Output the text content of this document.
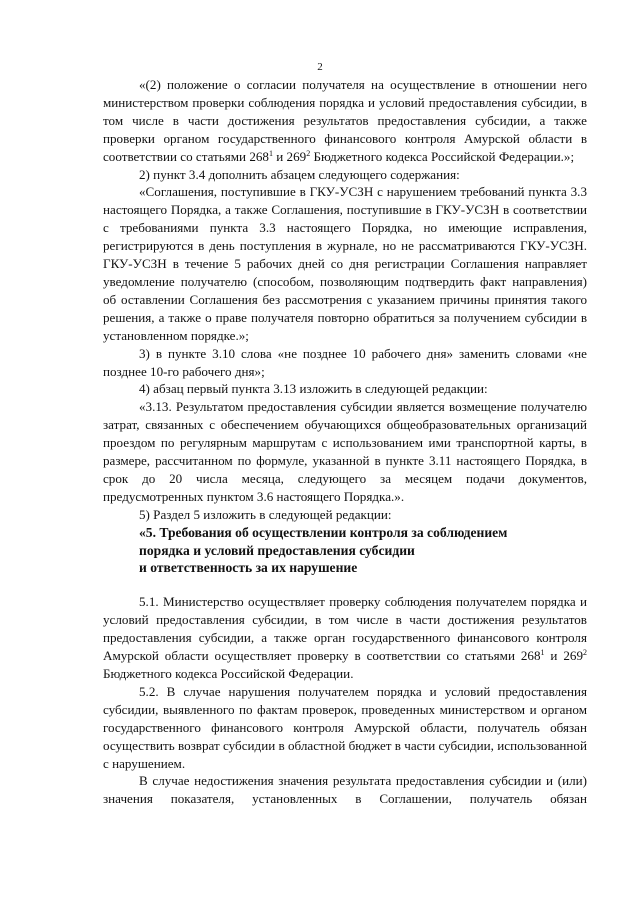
2

«(2) положение о согласии получателя на осуществление в отношении него министерством проверки соблюдения порядка и условий предоставления субсидии, в том числе в части достижения результатов предоставления субсидии, а также проверки органом государственного финансового контроля Амурской области в соответствии со статьями $268^1$ и $269^2$ Бюджетного кодекса Российской Федерации.»;

2) пункт 3.4 дополнить абзацем следующего содержания:

«Соглашения, поступившие в ГКУ-УСЗН с нарушением требований пункта 3.3 настоящего Порядка, а также Соглашения, поступившие в ГКУ-УСЗН в соответствии с требованиями пункта 3.3 настоящего Порядка, но имеющие исправления, регистрируются в день поступления в журнале, но не рассматриваются ГКУ-УСЗН. ГКУ-УСЗН в течение 5 рабочих дней со дня регистрации Соглашения направляет уведомление получателю (способом, позволяющим подтвердить факт направления) об оставлении Соглашения без рассмотрения с указанием причины принятия такого решения, а также о праве получателя повторно обратиться за получением субсидии в установленном порядке.»;

3) в пункте 3.10 слова «не позднее 10 рабочего дня» заменить словами «не позднее 10-го рабочего дня»;

4) абзац первый пункта 3.13 изложить в следующей редакции:

«3.13. Результатом предоставления субсидии является возмещение получателю затрат, связанных с обеспечением обучающихся общеобразовательных организаций проездом по регулярным маршрутам с использованием ими транспортной карты, в размере, рассчитанном по формуле, указанной в пункте 3.11 настоящего Порядка, в срок до 20 числа месяца, следующего за месяцем подачи документов, предусмотренных пунктом 3.6 настоящего Порядка.».

5) Раздел 5 изложить в следующей редакции:

«5. Требования об осуществлении контроля за соблюдением

порядка и условий предоставления субсидии

и ответственность за их нарушение

5.1. Министерство осуществляет проверку соблюдения получателем порядка и условий предоставления субсидии, в том числе в части достижения результатов предоставления субсидии, а также орган государственного финансового контроля Амурской области осуществляет проверку в соответствии со статьями $268^1$ и $269^2$ Бюджетного кодекса Российской Федерации.

5.2. В случае нарушения получателем порядка и условий предоставления субсидии, выявленного по фактам проверок, проведенных министерством и органом государственного финансового контроля Амурской области, получатель обязан осуществить возврат субсидии в областной бюджет в части субсидии, использованной с нарушением.

В случае недостижения значения результата предоставления субсидии и (или) значения показателя, установленных в Соглашении, получатель обязан
